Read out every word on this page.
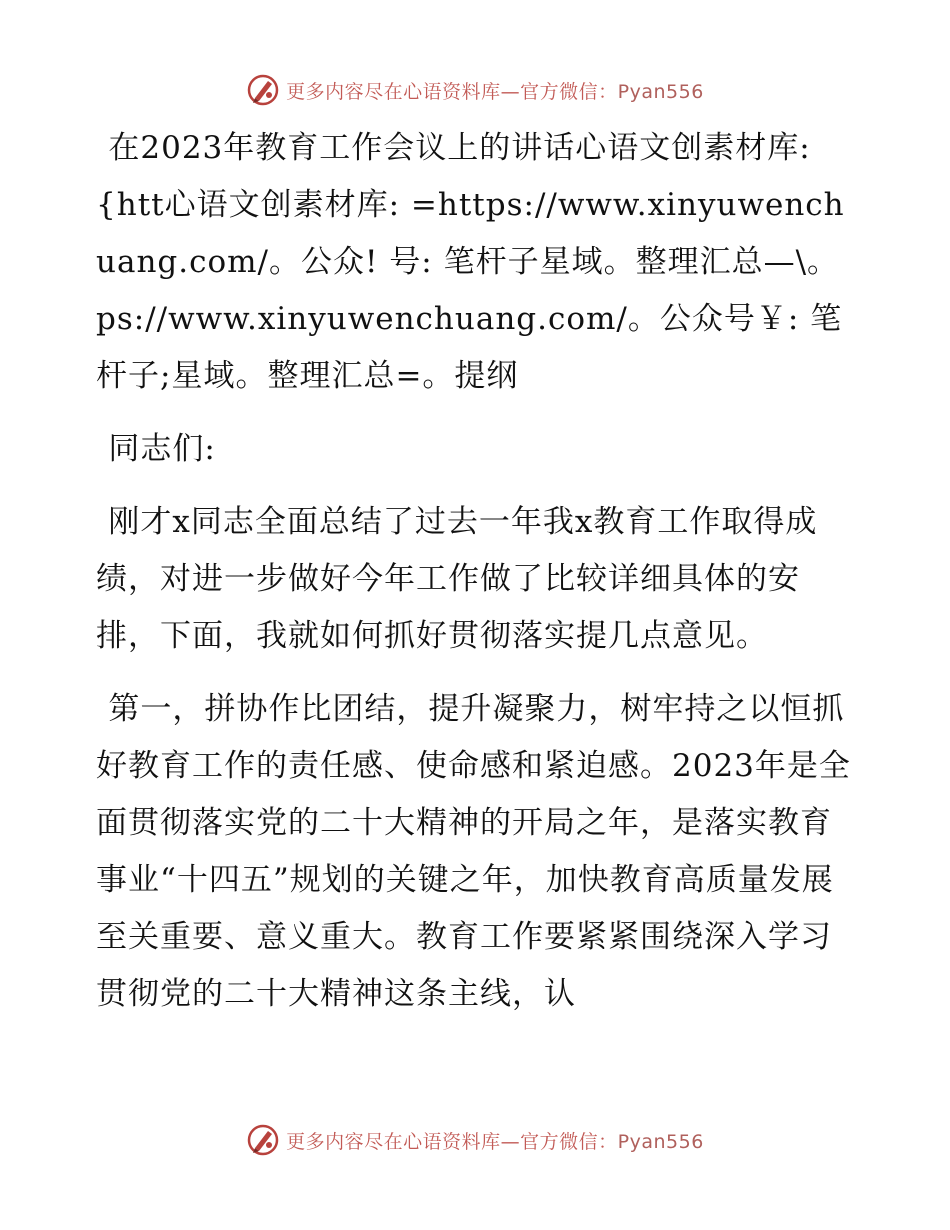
更多内容尽在心语资料库—官方微信：Pyan556

在2023年教育工作会议上的讲话心语文创素材库: {htt心语文创素材库: =https://www.xinyuwenchuang.com/。公众! 号: 笔杆子星域。整理汇总—\。ps://www.xinyuwenchuang.com/。公众号￥: 笔杆子;星域。整理汇总=。提纲

同志们:

刚才x同志全面总结了过去一年我x教育工作取得成绩，对进一步做好今年工作做了比较详细具体的安排，下面，我就如何抓好贯彻落实提几点意见。

第一，拼协作比团结，提升凝聚力，树牢持之以恒抓好教育工作的责任感、使命感和紧迫感。2023年是全面贯彻落实党的二十大精神的开局之年，是落实教育事业“十四五”规划的关键之年，加快教育高质量发展至关重要、意义重大。教育工作要紧紧围绕深入学习贯彻党的二十大精神这条主线，认

更多内容尽在心语资料库—官方微信：Pyan556
